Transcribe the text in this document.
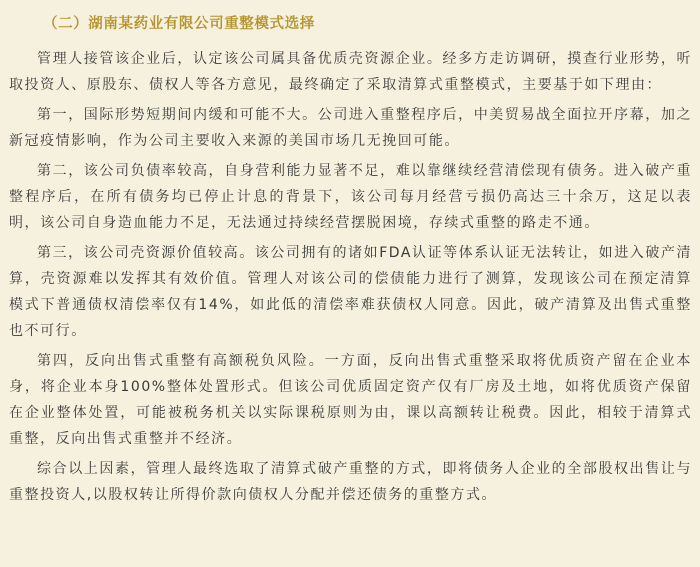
（二）湖南某药业有限公司重整模式选择

管理人接管该企业后，认定该公司属具备优质壳资源企业。经多方走访调研，摸查行业形势，听取投资人、原股东、债权人等各方意见，最终确定了采取清算式重整模式，主要基于如下理由：

第一，国际形势短期间内缓和可能不大。公司进入重整程序后，中美贸易战全面拉开序幕，加之新冠疫情影响，作为公司主要收入来源的美国市场几无挽回可能。

第二，该公司负债率较高，自身营利能力显著不足，难以靠继续经营清偿现有债务。进入破产重整程序后，在所有债务均已停止计息的背景下，该公司每月经营亏损仍高达三十余万，这足以表明，该公司自身造血能力不足，无法通过持续经营摆脱困境，存续式重整的路走不通。

第三，该公司壳资源价值较高。该公司拥有的诸如FDA认证等体系认证无法转让，如进入破产清算，壳资源难以发挥其有效价值。管理人对该公司的偿债能力进行了测算，发现该公司在预定清算模式下普通债权清偿率仅有14%，如此低的清偿率难获债权人同意。因此，破产清算及出售式重整也不可行。

第四，反向出售式重整有高额税负风险。一方面，反向出售式重整采取将优质资产留在企业本身，将企业本身100%整体处置形式。但该公司优质固定资产仅有厂房及土地，如将优质资产保留在企业整体处置，可能被税务机关以实际课税原则为由，课以高额转让税费。因此，相较于清算式重整，反向出售式重整并不经济。

综合以上因素，管理人最终选取了清算式破产重整的方式，即将债务人企业的全部股权出售让与重整投资人,以股权转让所得价款向债权人分配并偿还债务的重整方式。
